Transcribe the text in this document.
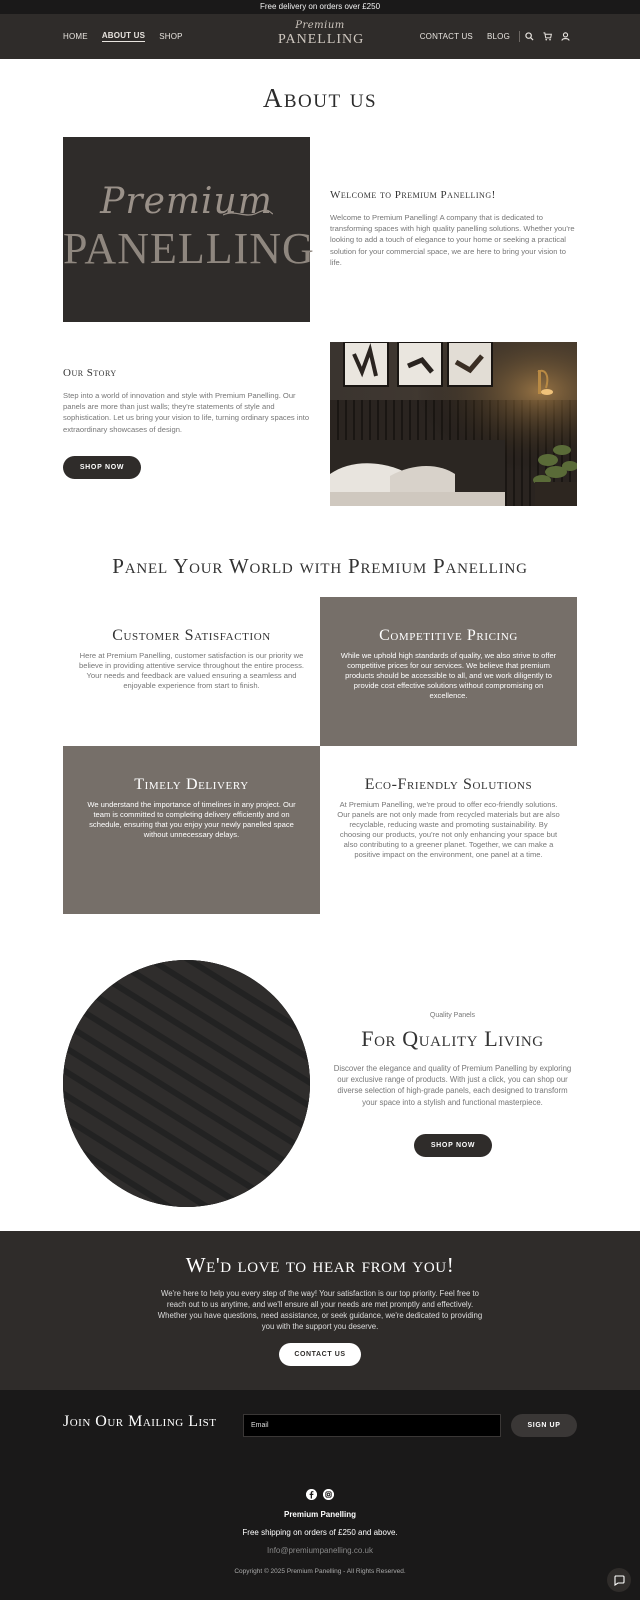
Free delivery on orders over £250
HOME ABOUT US SHOP
Premium
PANELLING	CONTACT US BLOG
About us
Premium
PANELLING
Welcome to Premium Panelling!
Welcome to Premium Panelling! A company that is dedicated to transforming spaces with high quality panelling solutions. Whether you're looking to add a touch of elegance to your home or seeking a practical solution for your commercial space, we are here to bring your vision to life.
Our Story
Step into a world of innovation and style with Premium Panelling. Our panels are more than just walls; they're statements of style and sophistication. Let us bring your vision to life, turning ordinary spaces into extraordinary showcases of design.
SHOP NOW
Panel Your World with Premium Panelling
Customer Satisfaction
Here at Premium Panelling, customer satisfaction is our priority we believe in providing attentive service throughout the entire process. Your needs and feedback are valued ensuring a seamless and enjoyable experience from start to finish.
Competitive Pricing
While we uphold high standards of quality, we also strive to offer competitive prices for our services. We believe that premium products should be accessible to all, and we work diligently to provide cost effective solutions without compromising on excellence.
Timely Delivery
We understand the importance of timelines in any project. Our team is committed to completing delivery efficiently and on schedule, ensuring that you enjoy your newly panelled space without unnecessary delays.
Eco-Friendly Solutions
At Premium Panelling, we're proud to offer eco-friendly solutions. Our panels are not only made from recycled materials but are also recyclable, reducing waste and promoting sustainability. By choosing our products, you're not only enhancing your space but also contributing to a greener planet. Together, we can make a positive impact on the environment, one panel at a time.
Quality Panels
For Quality Living
Discover the elegance and quality of Premium Panelling by exploring our exclusive range of products. With just a click, you can shop our diverse selection of high-grade panels, each designed to transform your space into a stylish and functional masterpiece.
SHOP NOW
We'd love to hear from you!
We're here to help you every step of the way! Your satisfaction is our top priority. Feel free to reach out to us anytime, and we'll ensure all your needs are met promptly and effectively. Whether you have questions, need assistance, or seek guidance, we're dedicated to providing you with the support you deserve.
CONTACT US
Join Our Mailing List	Email	SIGN UP
Premium Panelling
Free shipping on orders of £250 and above.
Info@premiumpanelling.co.uk
Copyright © 2025 Premium Panelling - All Rights Reserved.
